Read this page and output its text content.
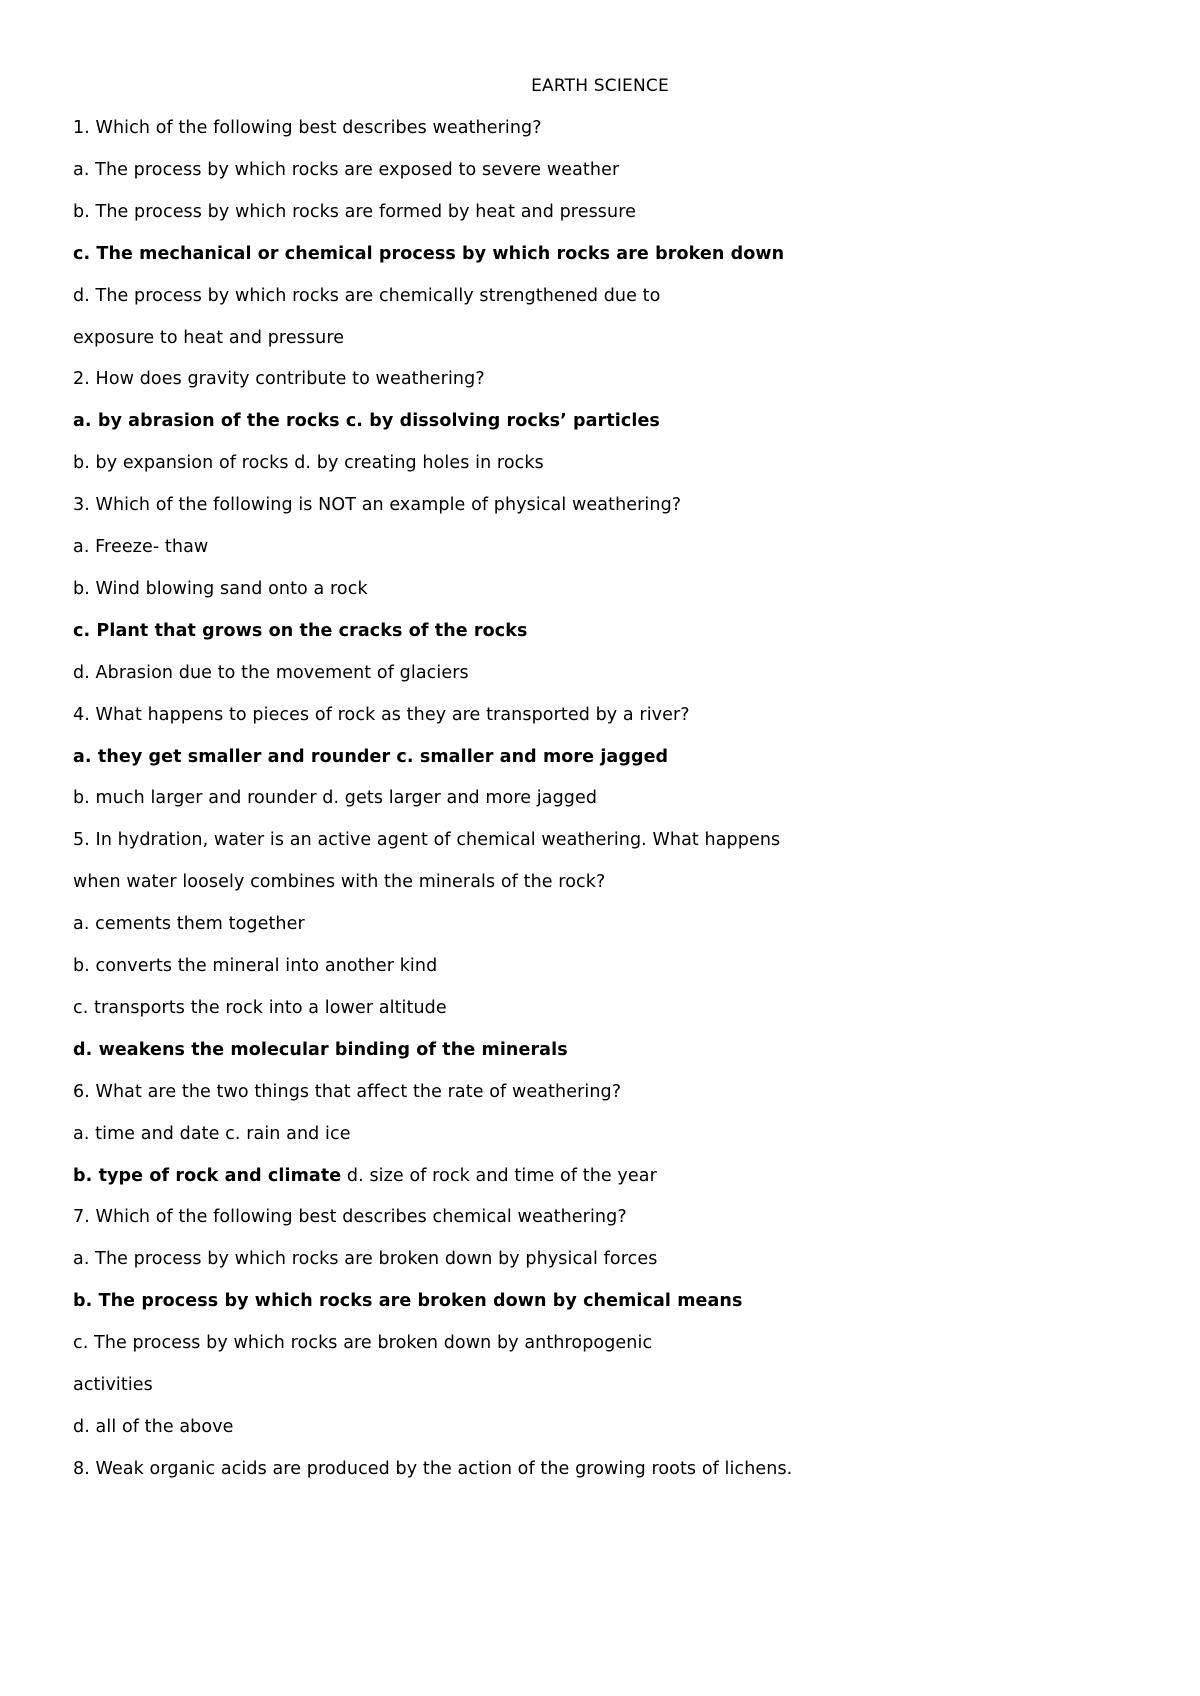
EARTH SCIENCE
1. Which of the following best describes weathering?
a. The process by which rocks are exposed to severe weather
b. The process by which rocks are formed by heat and pressure
c. The mechanical or chemical process by which rocks are broken down
d. The process by which rocks are chemically strengthened due to
exposure to heat and pressure
2. How does gravity contribute to weathering?
a. by abrasion of the rocks c. by dissolving rocks’ particles
b. by expansion of rocks d. by creating holes in rocks
3. Which of the following is NOT an example of physical weathering?
a. Freeze- thaw
b. Wind blowing sand onto a rock
c. Plant that grows on the cracks of the rocks
d. Abrasion due to the movement of glaciers
4. What happens to pieces of rock as they are transported by a river?
a. they get smaller and rounder c. smaller and more jagged
b. much larger and rounder d. gets larger and more jagged
5. In hydration, water is an active agent of chemical weathering. What happens
when water loosely combines with the minerals of the rock?
a. cements them together
b. converts the mineral into another kind
c. transports the rock into a lower altitude
d. weakens the molecular binding of the minerals
6. What are the two things that affect the rate of weathering?
a. time and date c. rain and ice
b. type of rock and climate d. size of rock and time of the year
7. Which of the following best describes chemical weathering?
a. The process by which rocks are broken down by physical forces
b. The process by which rocks are broken down by chemical means
c. The process by which rocks are broken down by anthropogenic
activities
d. all of the above
8. Weak organic acids are produced by the action of the growing roots of lichens.
